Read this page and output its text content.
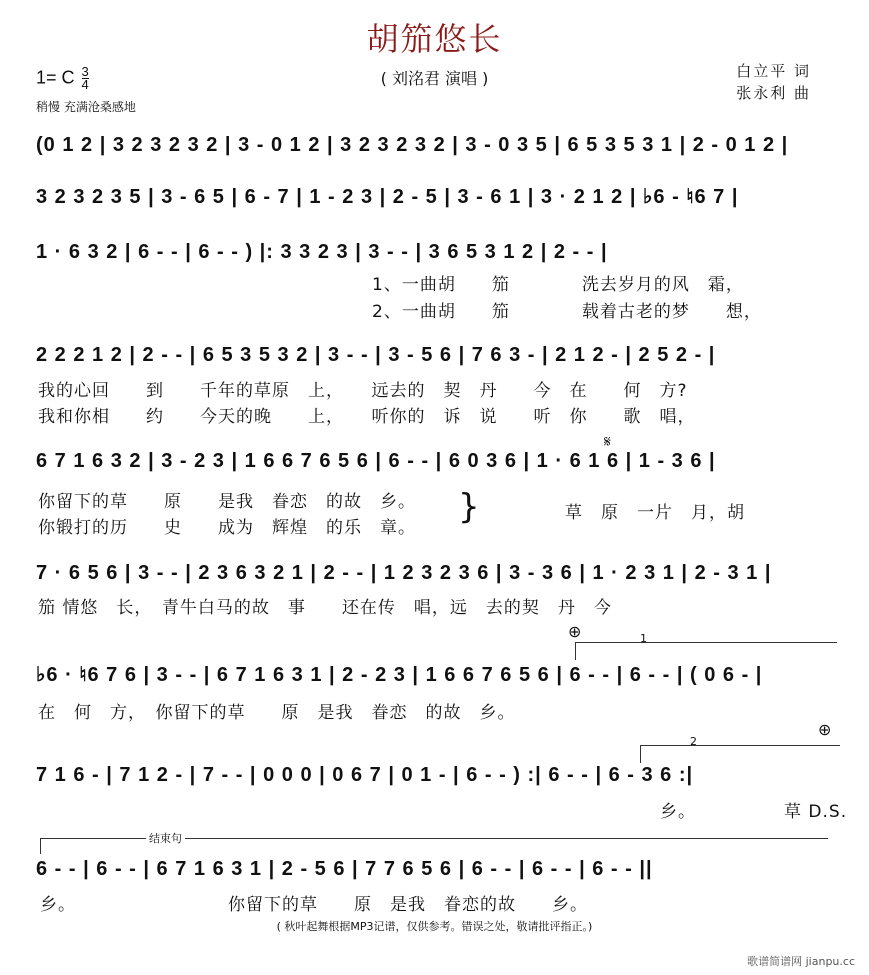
胡笳悠长
( 刘洺君 演唱 )	白立平 词
张永利 曲
1= C $\frac{3}{4}$
稍慢 充满沧桑感地
(0 1 2 | 3 2 3 2 3 2 | 3 - 0 1 2 | 3 2 3 2 3 2 | 3 - 0 3 5 | 6 5 3 5 3 1 | 2 - 0 1 2 |
3 2 3 2 3 5 | 3 - 6 5 | 6 - 7 | 1 - 2 3 | 2 - 5 | 3 - 6 1 | 3 · 2 1 2 | ♭6 - ♮6 7 |
1 · 6 3 2 | 6 - - | 6 - - ) |: 3 3 2 3 | 3 - - | 3 6 5 3 1 2 | 2 - - |
1、一曲胡　　笳　　　　洗去岁月的风　霜，
2、一曲胡　　笳　　　　载着古老的梦　　想，
2 2 2 1 2 | 2 - - | 6 5 3 5 3 2 | 3 - - | 3 - 5 6 | 7 6 3 - | 2 1 2 - | 2 5 2 - |
我的心回　　到　　千年的草原　上，　　远去的　契　丹　　今　在　　何　方?
我和你相　　约　　今天的晚　　上，　　听你的　诉　说　　听　你　　歌　唱，
𝄋
6 7 1 6 3 2 | 3 - 2 3 | 1 6 6 7 6 5 6 | 6 - - | 6 0 3 6 | 1 · 6 1 6 | 1 - 3 6 |
你留下的草　　原　　是我　眷恋　的故　乡。
你锻打的历　　史　　成为　辉煌　的乐　章。
}	草　原　一片　月，胡
7 · 6 5 6 | 3 - - | 2 3 6 3 2 1 | 2 - - | 1 2 3 2 3 6 | 3 - 3 6 | 1 · 2 3 1 | 2 - 3 1 |
笳 情悠　长，　青牛白马的故　事　　还在传　唱，远　去的契　丹　今
⊕	1
♭6 · ♮6 7 6 | 3 - - | 6 7 1 6 3 1 | 2 - 2 3 | 1 6 6 7 6 5 6 | 6 - - | 6 - - | ( 0 6 - |
在　何　方，　你留下的草　　原　是我　眷恋　的故　乡。
⊕
2
7 1 6 - | 7 1 2 - | 7 - - | 0 0 0 | 0 6 7 | 0 1 - | 6 - - ) :| 6 - - | 6 - 3 6 :|
乡。	草 D.S.
结束句
6 - - | 6 - - | 6 7 1 6 3 1 | 2 - 5 6 | 7 7 6 5 6 | 6 - - | 6 - - | 6 - - ||
乡。	你留下的草　　原　是我　眷恋的故　　乡。
( 秋叶起舞根据MP3记谱，仅供参考。错误之处，敬请批评指正。)
歌谱简谱网 jianpu.cc
